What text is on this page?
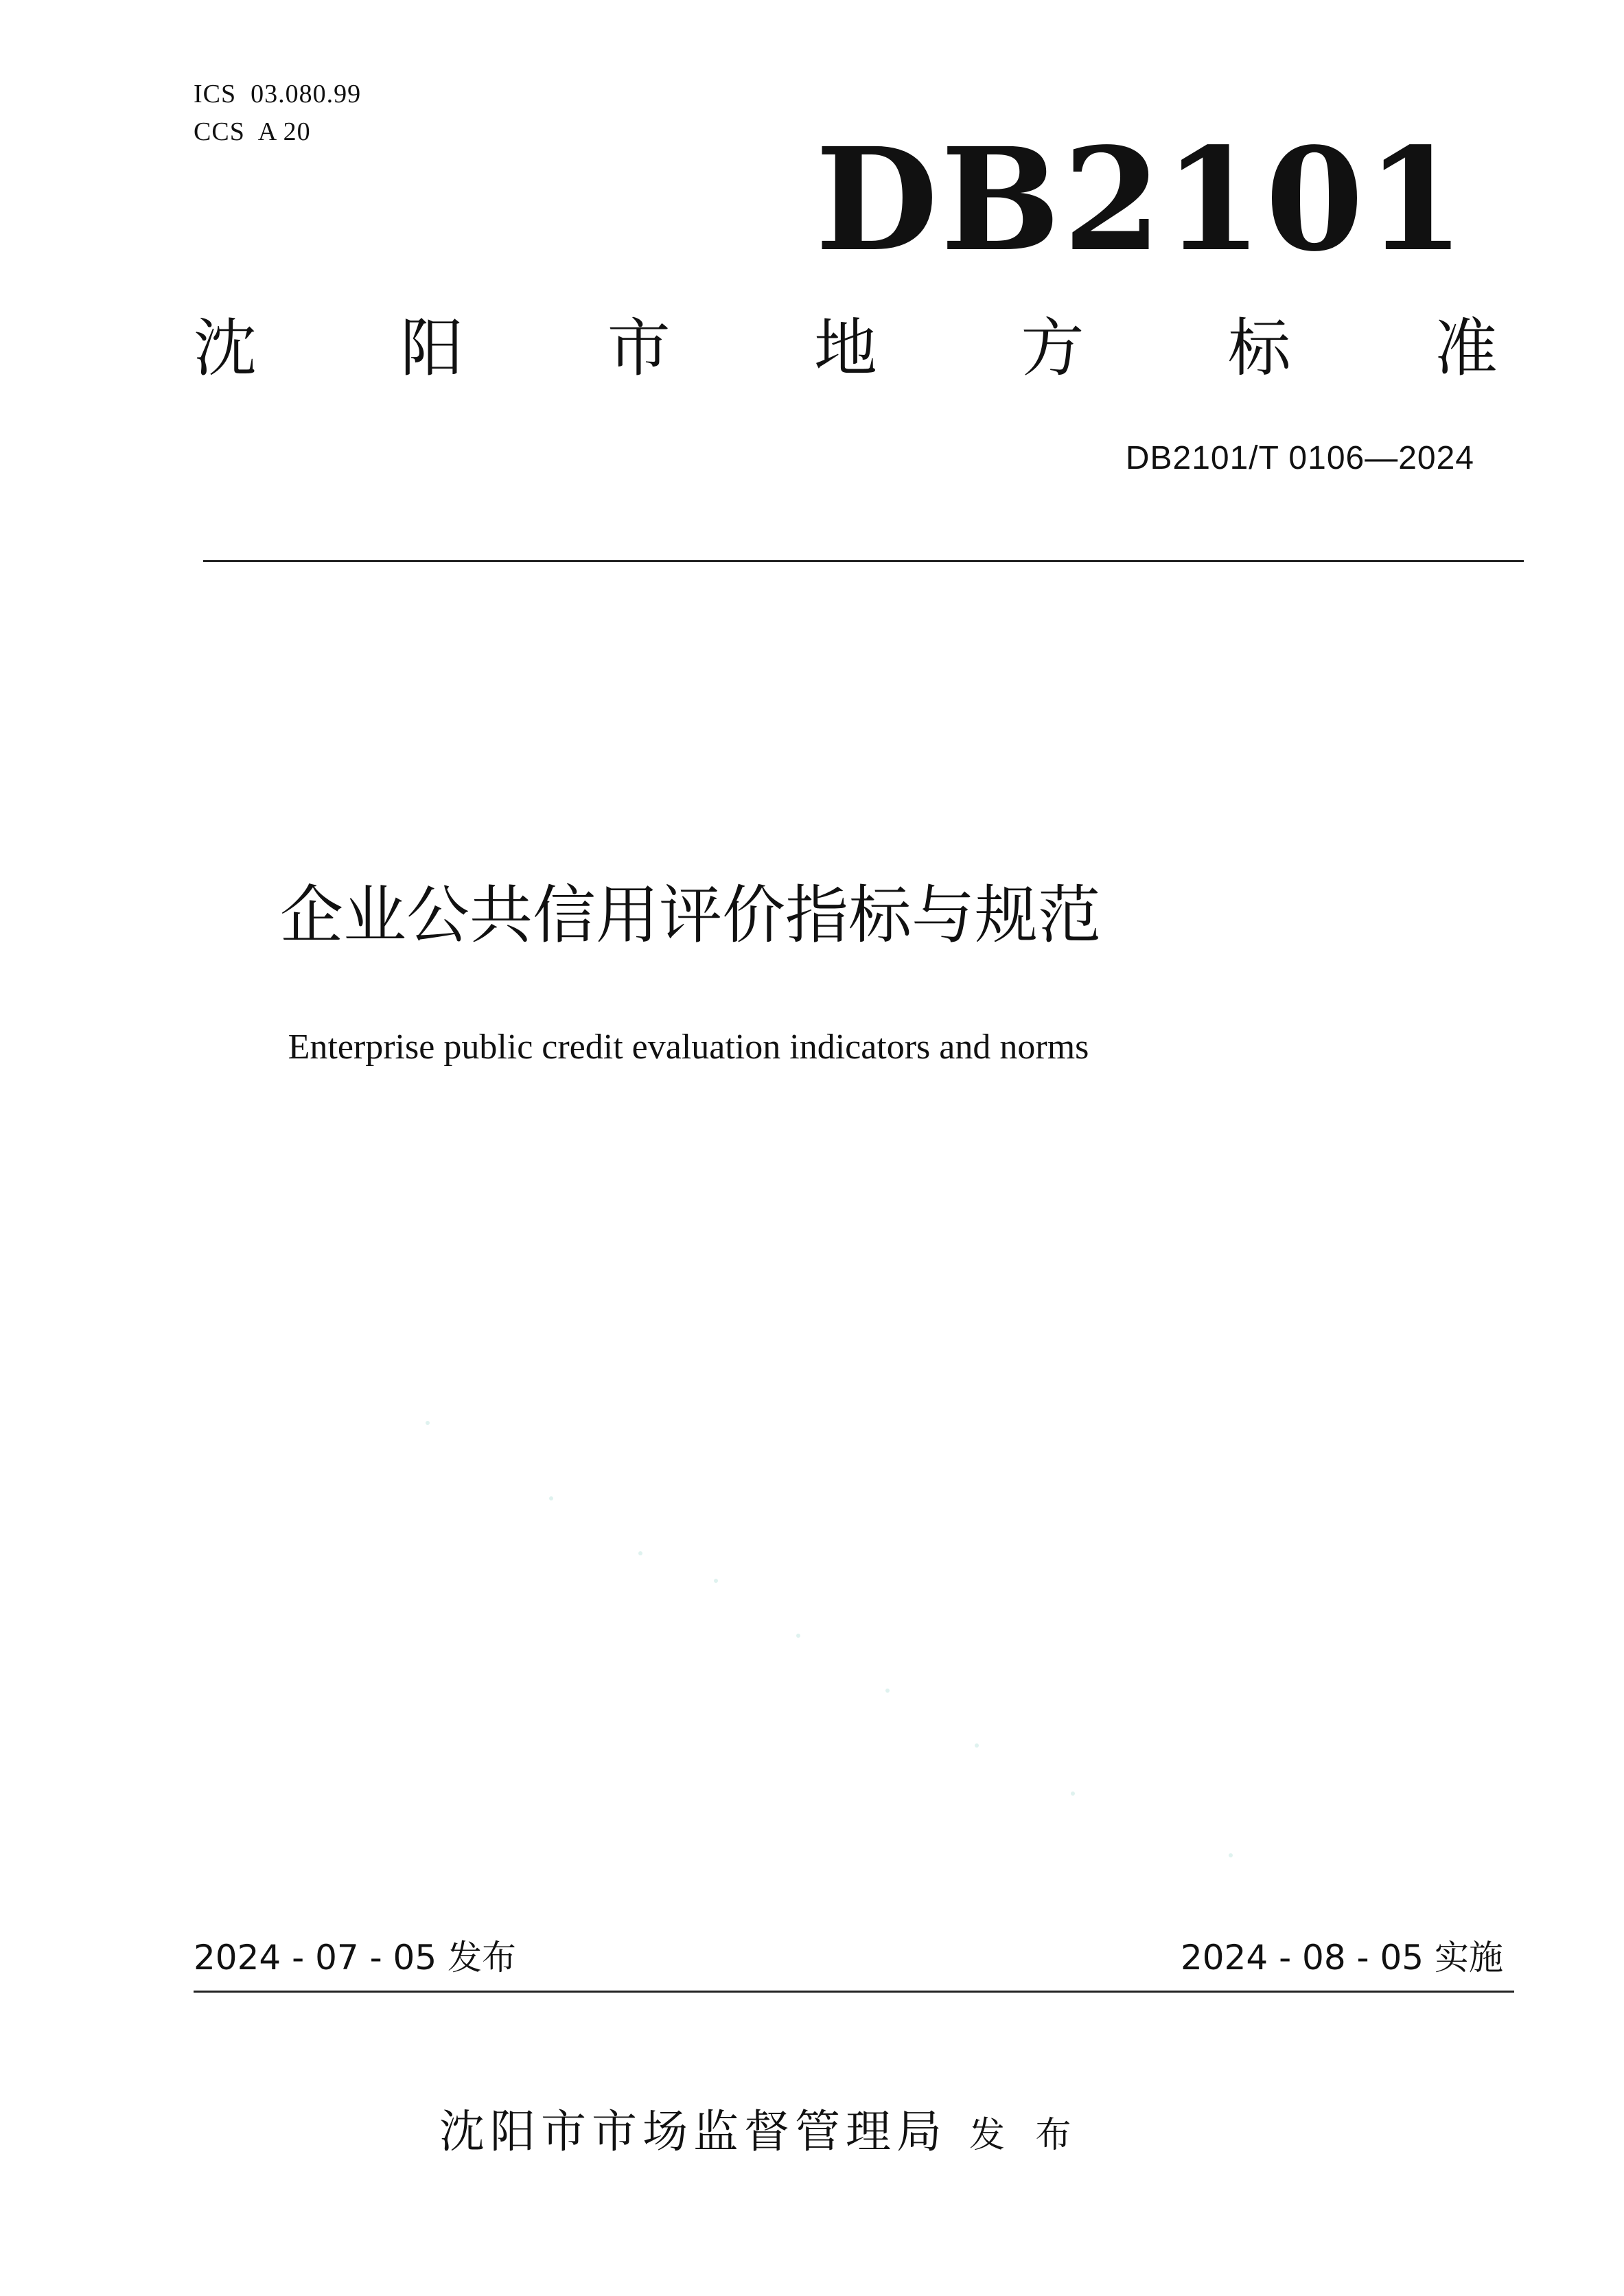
ICS  03.080.99
CCS  A 20	DB2101
沈 阳 市 地 方 标 准
DB2101/T 0106—2024
企业公共信用评价指标与规范
Enterprise public credit evaluation indicators and norms
2024 - 07 - 05 发布	2024 - 08 - 05 实施
沈阳市市场监督管理局 发 布
